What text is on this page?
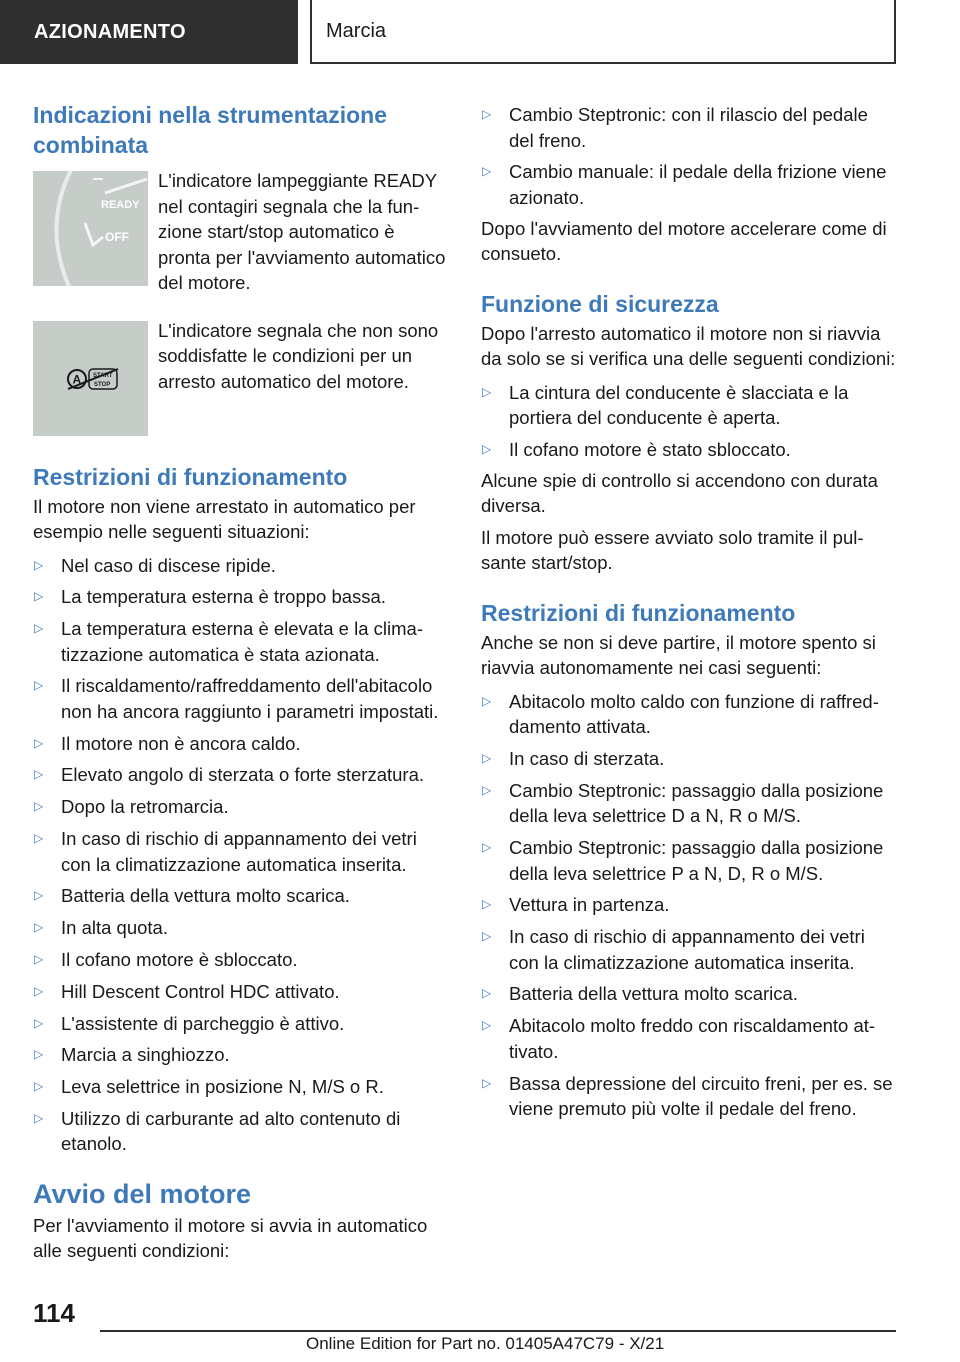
AZIONAMENTO	Marcia
Indicazioni nella strumentazione combinata
READY
OFF

L'indicatore lampeggiante READY nel contagiri segnala che la funzione start/stop automatico è pronta per l'avviamento automatico del motore.

A START
STOP

L'indicatore segnala che non sono soddisfatte le condizioni per un arresto automatico del motore.

Restrizioni di funzionamento

Il motore non viene arrestato in automatico per esempio nelle seguenti situazioni:

▷ Nel caso di discese ripide.
▷ La temperatura esterna è troppo bassa.
▷ La temperatura esterna è elevata e la climatizzazione automatica è stata azionata.
▷ Il riscaldamento/raffreddamento dell'abitacolo non ha ancora raggiunto i parametri impostati.
▷ Il motore non è ancora caldo.
▷ Elevato angolo di sterzata o forte sterzatura.
▷ Dopo la retromarcia.
▷ In caso di rischio di appannamento dei vetri con la climatizzazione automatica inserita.
▷ Batteria della vettura molto scarica.
▷ In alta quota.
▷ Il cofano motore è sbloccato.
▷ Hill Descent Control HDC attivato.
▷ L'assistente di parcheggio è attivo.
▷ Marcia a singhiozzo.
▷ Leva selettrice in posizione N, M/S o R.
▷ Utilizzo di carburante ad alto contenuto di etanolo.
Avvio del motore

Per l'avviamento il motore si avvia in automatico alle seguenti condizioni:

▷ Cambio Steptronic: con il rilascio del pedale del freno.
▷ Cambio manuale: il pedale della frizione viene azionato.

Dopo l'avviamento del motore accelerare come di consueto.

Funzione di sicurezza

Dopo l'arresto automatico il motore non si riavvia da solo se si verifica una delle seguenti condizioni:

▷ La cintura del conducente è slacciata e la portiera del conducente è aperta.
▷ Il cofano motore è stato sbloccato.

Alcune spie di controllo si accendono con durata diversa.

Il motore può essere avviato solo tramite il pulsante start/stop.

Restrizioni di funzionamento

Anche se non si deve partire, il motore spento si riavvia autonomamente nei casi seguenti:

▷ Abitacolo molto caldo con funzione di raffreddamento attivata.
▷ In caso di sterzata.
▷ Cambio Steptronic: passaggio dalla posizione della leva selettrice D a N, R o M/S.
▷ Cambio Steptronic: passaggio dalla posizione della leva selettrice P a N, D, R o M/S.
▷ Vettura in partenza.
▷ In caso di rischio di appannamento dei vetri con la climatizzazione automatica inserita.
▷ Batteria della vettura molto scarica.
▷ Abitacolo molto freddo con riscaldamento attivato.
▷ Bassa depressione del circuito freni, per es. se viene premuto più volte il pedale del freno.
114
Online Edition for Part no. 01405A47C79 - X/21
